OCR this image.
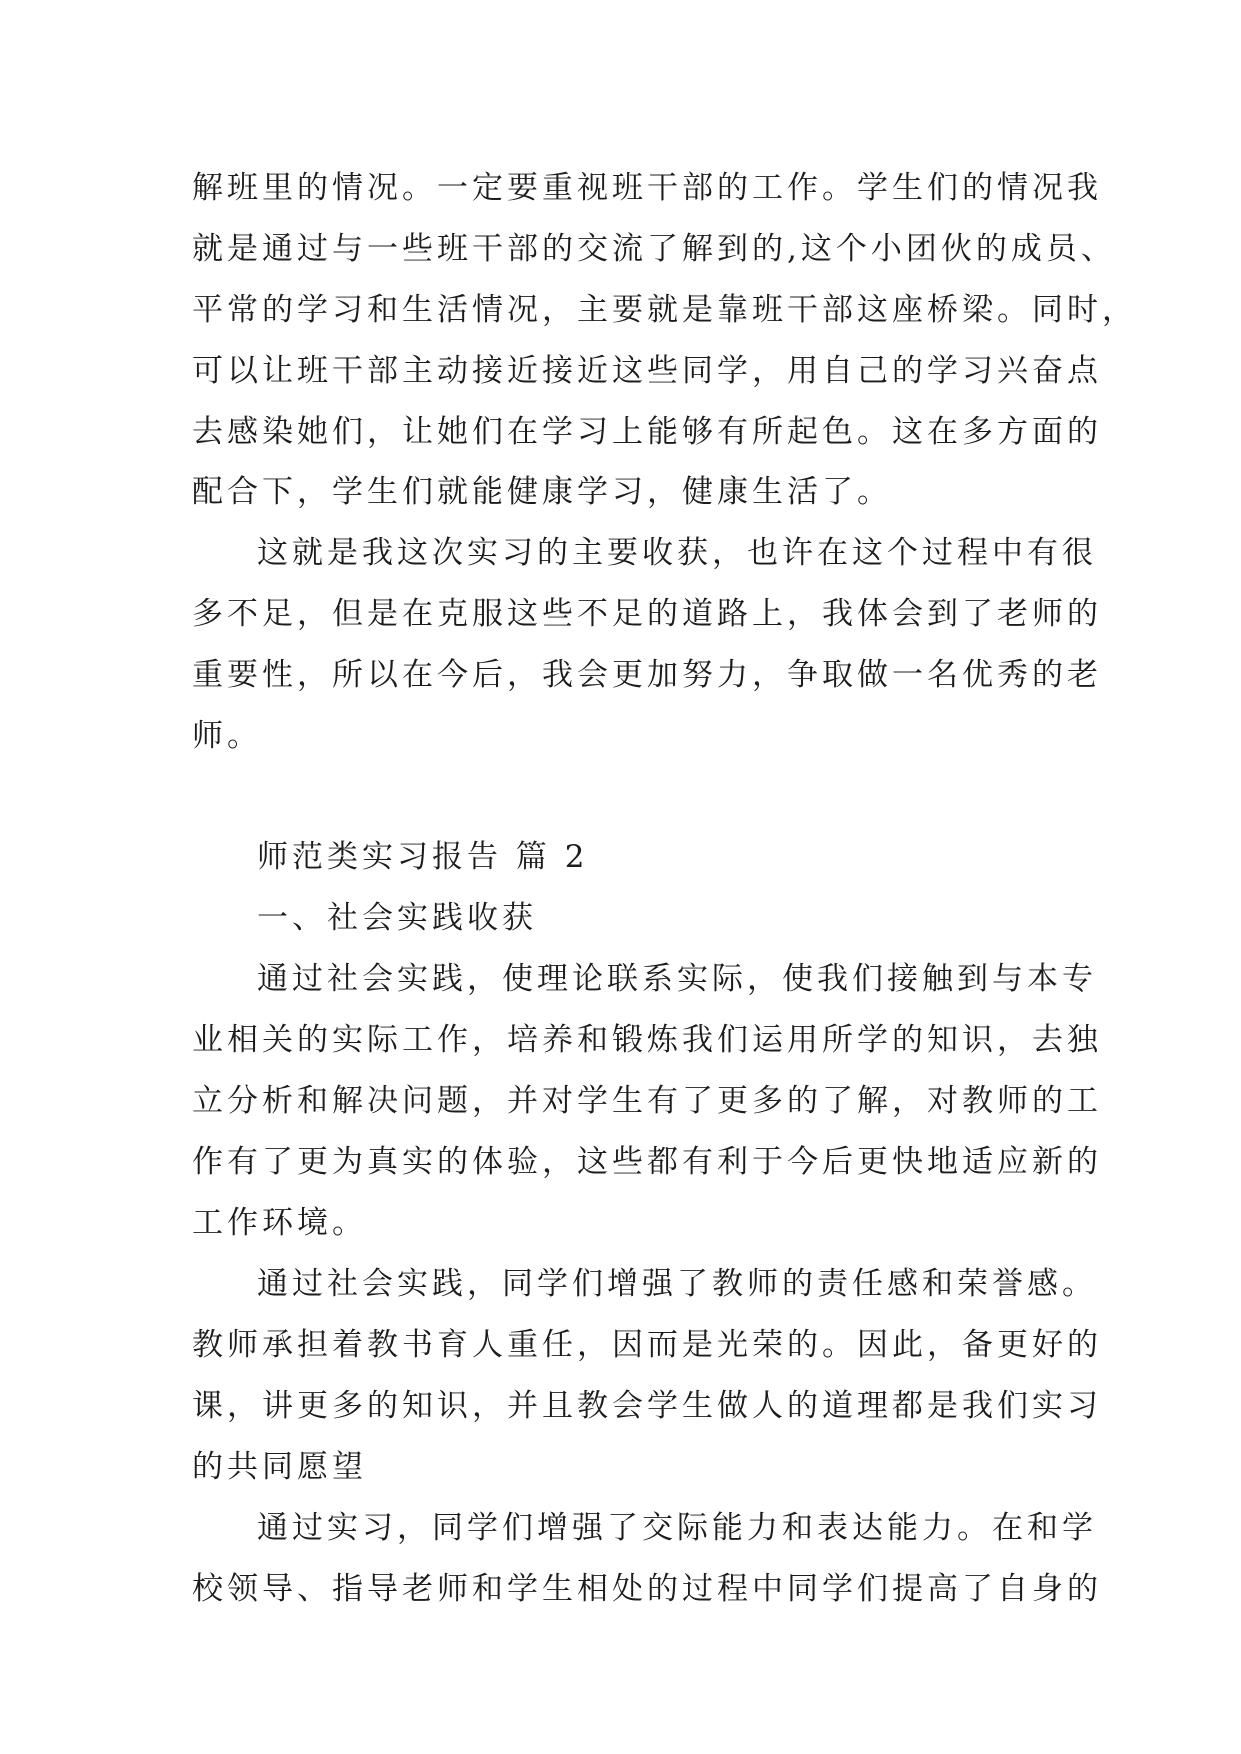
解班里的情况。一定要重视班干部的工作。学生们的情况我
就是通过与一些班干部的交流了解到的,这个小团伙的成员、
平常的学习和生活情况，主要就是靠班干部这座桥梁。同时，
可以让班干部主动接近接近这些同学，用自己的学习兴奋点
去感染她们，让她们在学习上能够有所起色。这在多方面的
配合下，学生们就能健康学习，健康生活了。
这就是我这次实习的主要收获，也许在这个过程中有很
多不足，但是在克服这些不足的道路上，我体会到了老师的
重要性，所以在今后，我会更加努力，争取做一名优秀的老
师。
师范类实习报告 篇 2
一、社会实践收获
通过社会实践，使理论联系实际，使我们接触到与本专
业相关的实际工作，培养和锻炼我们运用所学的知识，去独
立分析和解决问题，并对学生有了更多的了解，对教师的工
作有了更为真实的体验，这些都有利于今后更快地适应新的
工作环境。
通过社会实践，同学们增强了教师的责任感和荣誉感。
教师承担着教书育人重任，因而是光荣的。因此，备更好的
课，讲更多的知识，并且教会学生做人的道理都是我们实习
的共同愿望
通过实习，同学们增强了交际能力和表达能力。在和学
校领导、指导老师和学生相处的过程中同学们提高了自身的
